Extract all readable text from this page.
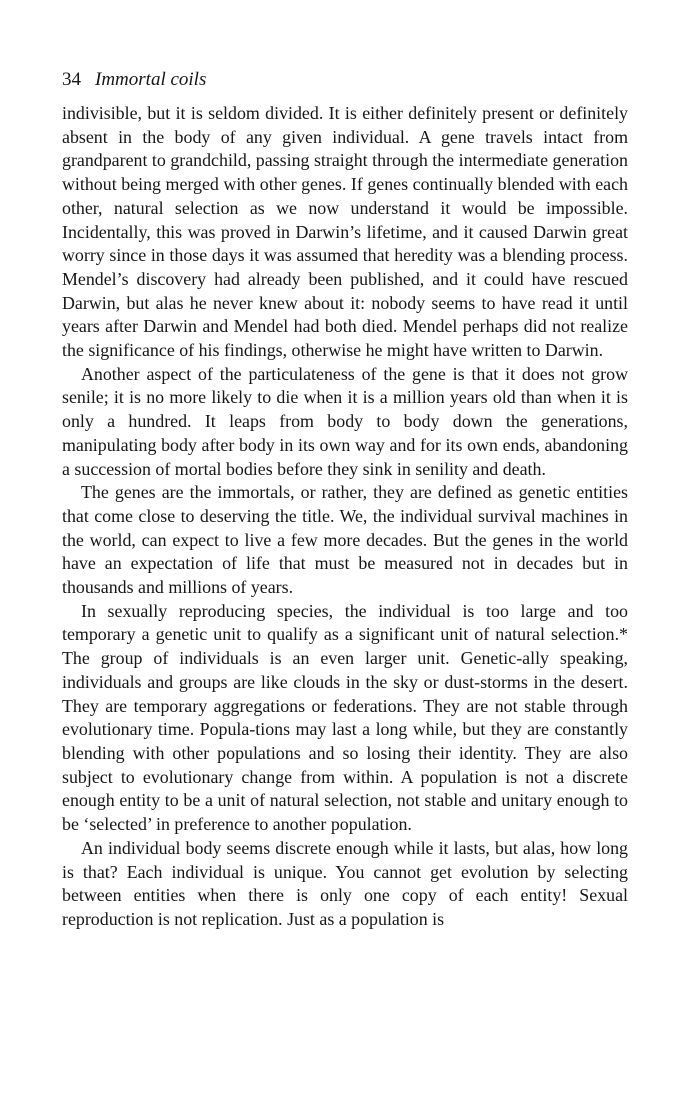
34 Immortal coils

indivisible, but it is seldom divided. It is either definitely present or definitely absent in the body of any given individual. A gene travels intact from grandparent to grandchild, passing straight through the intermediate generation without being merged with other genes. If genes continually blended with each other, natural selection as we now understand it would be impossible. Incidentally, this was proved in Darwin’s lifetime, and it caused Darwin great worry since in those days it was assumed that heredity was a blending process. Mendel’s discovery had already been published, and it could have rescued Darwin, but alas he never knew about it: nobody seems to have read it until years after Darwin and Mendel had both died. Mendel perhaps did not realize the significance of his findings, otherwise he might have written to Darwin.

Another aspect of the particulateness of the gene is that it does not grow senile; it is no more likely to die when it is a million years old than when it is only a hundred. It leaps from body to body down the generations, manipulating body after body in its own way and for its own ends, abandoning a succession of mortal bodies before they sink in senility and death.

The genes are the immortals, or rather, they are defined as genetic entities that come close to deserving the title. We, the individual survival machines in the world, can expect to live a few more decades. But the genes in the world have an expectation of life that must be measured not in decades but in thousands and millions of years.

In sexually reproducing species, the individual is too large and too temporary a genetic unit to qualify as a significant unit of natural selection.* The group of individuals is an even larger unit. Genetic-ally speaking, individuals and groups are like clouds in the sky or dust-storms in the desert. They are temporary aggregations or federations. They are not stable through evolutionary time. Popula-tions may last a long while, but they are constantly blending with other populations and so losing their identity. They are also subject to evolutionary change from within. A population is not a discrete enough entity to be a unit of natural selection, not stable and unitary enough to be ‘selected’ in preference to another population.

An individual body seems discrete enough while it lasts, but alas, how long is that? Each individual is unique. You cannot get evolution by selecting between entities when there is only one copy of each entity! Sexual reproduction is not replication. Just as a population is
